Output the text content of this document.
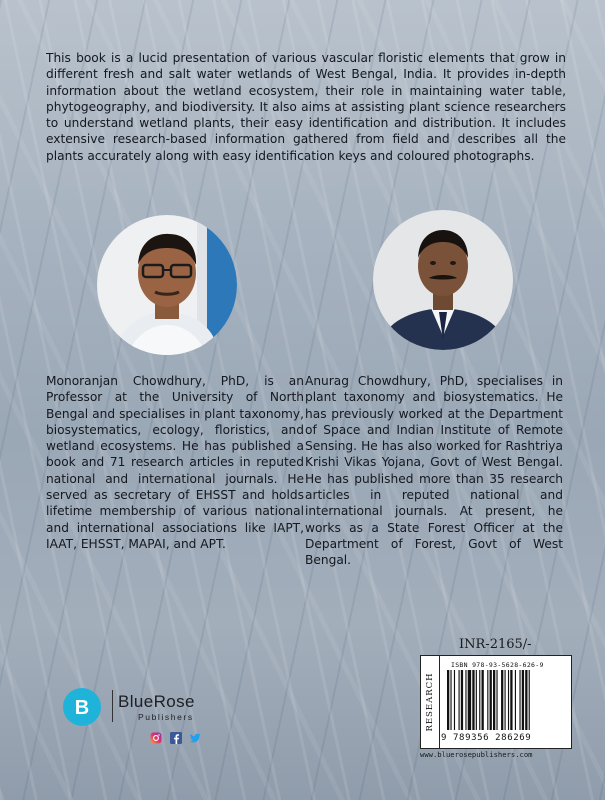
This book is a lucid presentation of various vascular floristic elements that grow in different fresh and salt water wetlands of West Bengal, India. It provides in-depth information about the wetland ecosystem, their role in maintaining water table, phytogeography, and biodiversity. It also aims at assisting plant science researchers to understand wetland plants, their easy identification and distribution. It includes extensive research-based information gathered from field and describes all the plants accurately along with easy identification keys and coloured photographs.

Monoranjan Chowdhury, PhD, is an Professor at the University of North Bengal and specialises in plant taxonomy, biosystematics, ecology, floristics, and wetland ecosystems. He has published a book and 71 research articles in reputed national and international journals. He served as secretary of EHSST and holds lifetime membership of various national and international associations like IAPT, IAAT, EHSST, MAPAI, and APT.

Anurag Chowdhury, PhD, specialises in plant taxonomy and biosystematics. He has previously worked at the Department of Space and Indian Institute of Remote Sensing. He has also worked for Rashtriya Krishi Vikas Yojana, Govt of West Bengal. He has published more than 35 research articles in reputed national and international journals. At present, he works as a State Forest Officer at the Department of Forest, Govt of West Bengal.

INR-2165/-
RESEARCH
ISBN 978-93-5628-626-9
9 789356 286269
www.bluerosepublishers.com
B BlueRose
Publishers
